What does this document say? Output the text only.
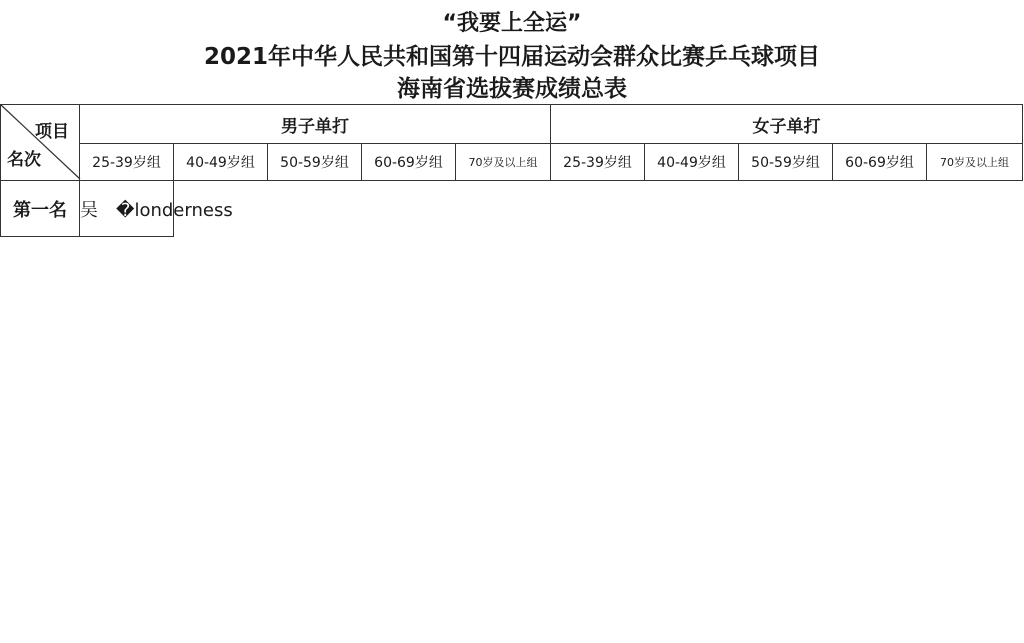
“我要上全运”
2021年中华人民共和国第十四届运动会群众比赛乒乓球项目
海南省选拔赛成绩总表
项目
名次	男子单打					女子单打				
	25-39岁组	40-49岁组	50-59岁组	60-69岁组	70岁及以上组	25-39岁组	40-49岁组	50-59岁组	60-69岁组	70岁及以上组
第一名	吴　�londerness									
